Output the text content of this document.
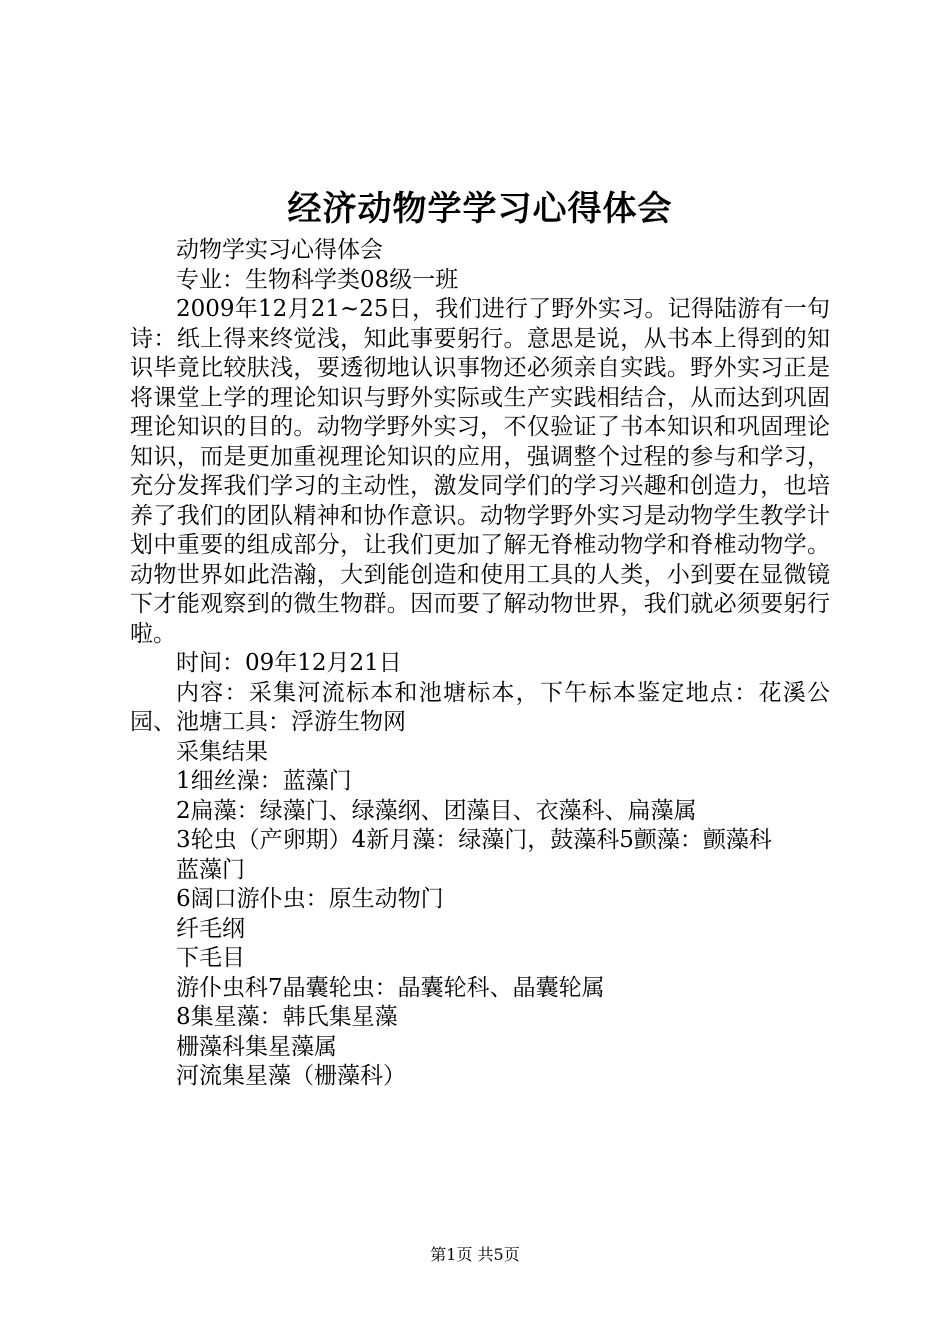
经济动物学学习心得体会

动物学实习心得体会

专业：生物科学类08级一班

2009年12月21~25日，我们进行了野外实习。记得陆游有一句诗：纸上得来终觉浅，知此事要躬行。意思是说，从书本上得到的知识毕竟比较肤浅，要透彻地认识事物还必须亲自实践。野外实习正是将课堂上学的理论知识与野外实际或生产实践相结合，从而达到巩固理论知识的目的。动物学野外实习，不仅验证了书本知识和巩固理论知识，而是更加重视理论知识的应用，强调整个过程的参与和学习，充分发挥我们学习的主动性，激发同学们的学习兴趣和创造力，也培养了我们的团队精神和协作意识。动物学野外实习是动物学生教学计划中重要的组成部分，让我们更加了解无脊椎动物学和脊椎动物学。动物世界如此浩瀚，大到能创造和使用工具的人类，小到要在显微镜下才能观察到的微生物群。因而要了解动物世界，我们就必须要躬行啦。

时间：09年12月21日

内容：采集河流标本和池塘标本，下午标本鉴定地点：花溪公园、池塘工具：浮游生物网

采集结果

1细丝澡：蓝藻门

2扁藻：绿藻门、绿藻纲、团藻目、衣藻科、扁藻属

3轮虫（产卵期）4新月藻：绿藻门，鼓藻科5颤藻：颤藻科

蓝藻门

6阔口游仆虫：原生动物门

纤毛纲

下毛目

游仆虫科7晶囊轮虫：晶囊轮科、晶囊轮属

8集星藻：韩氏集星藻

栅藻科集星藻属

河流集星藻（栅藻科）

第1页 共5页
